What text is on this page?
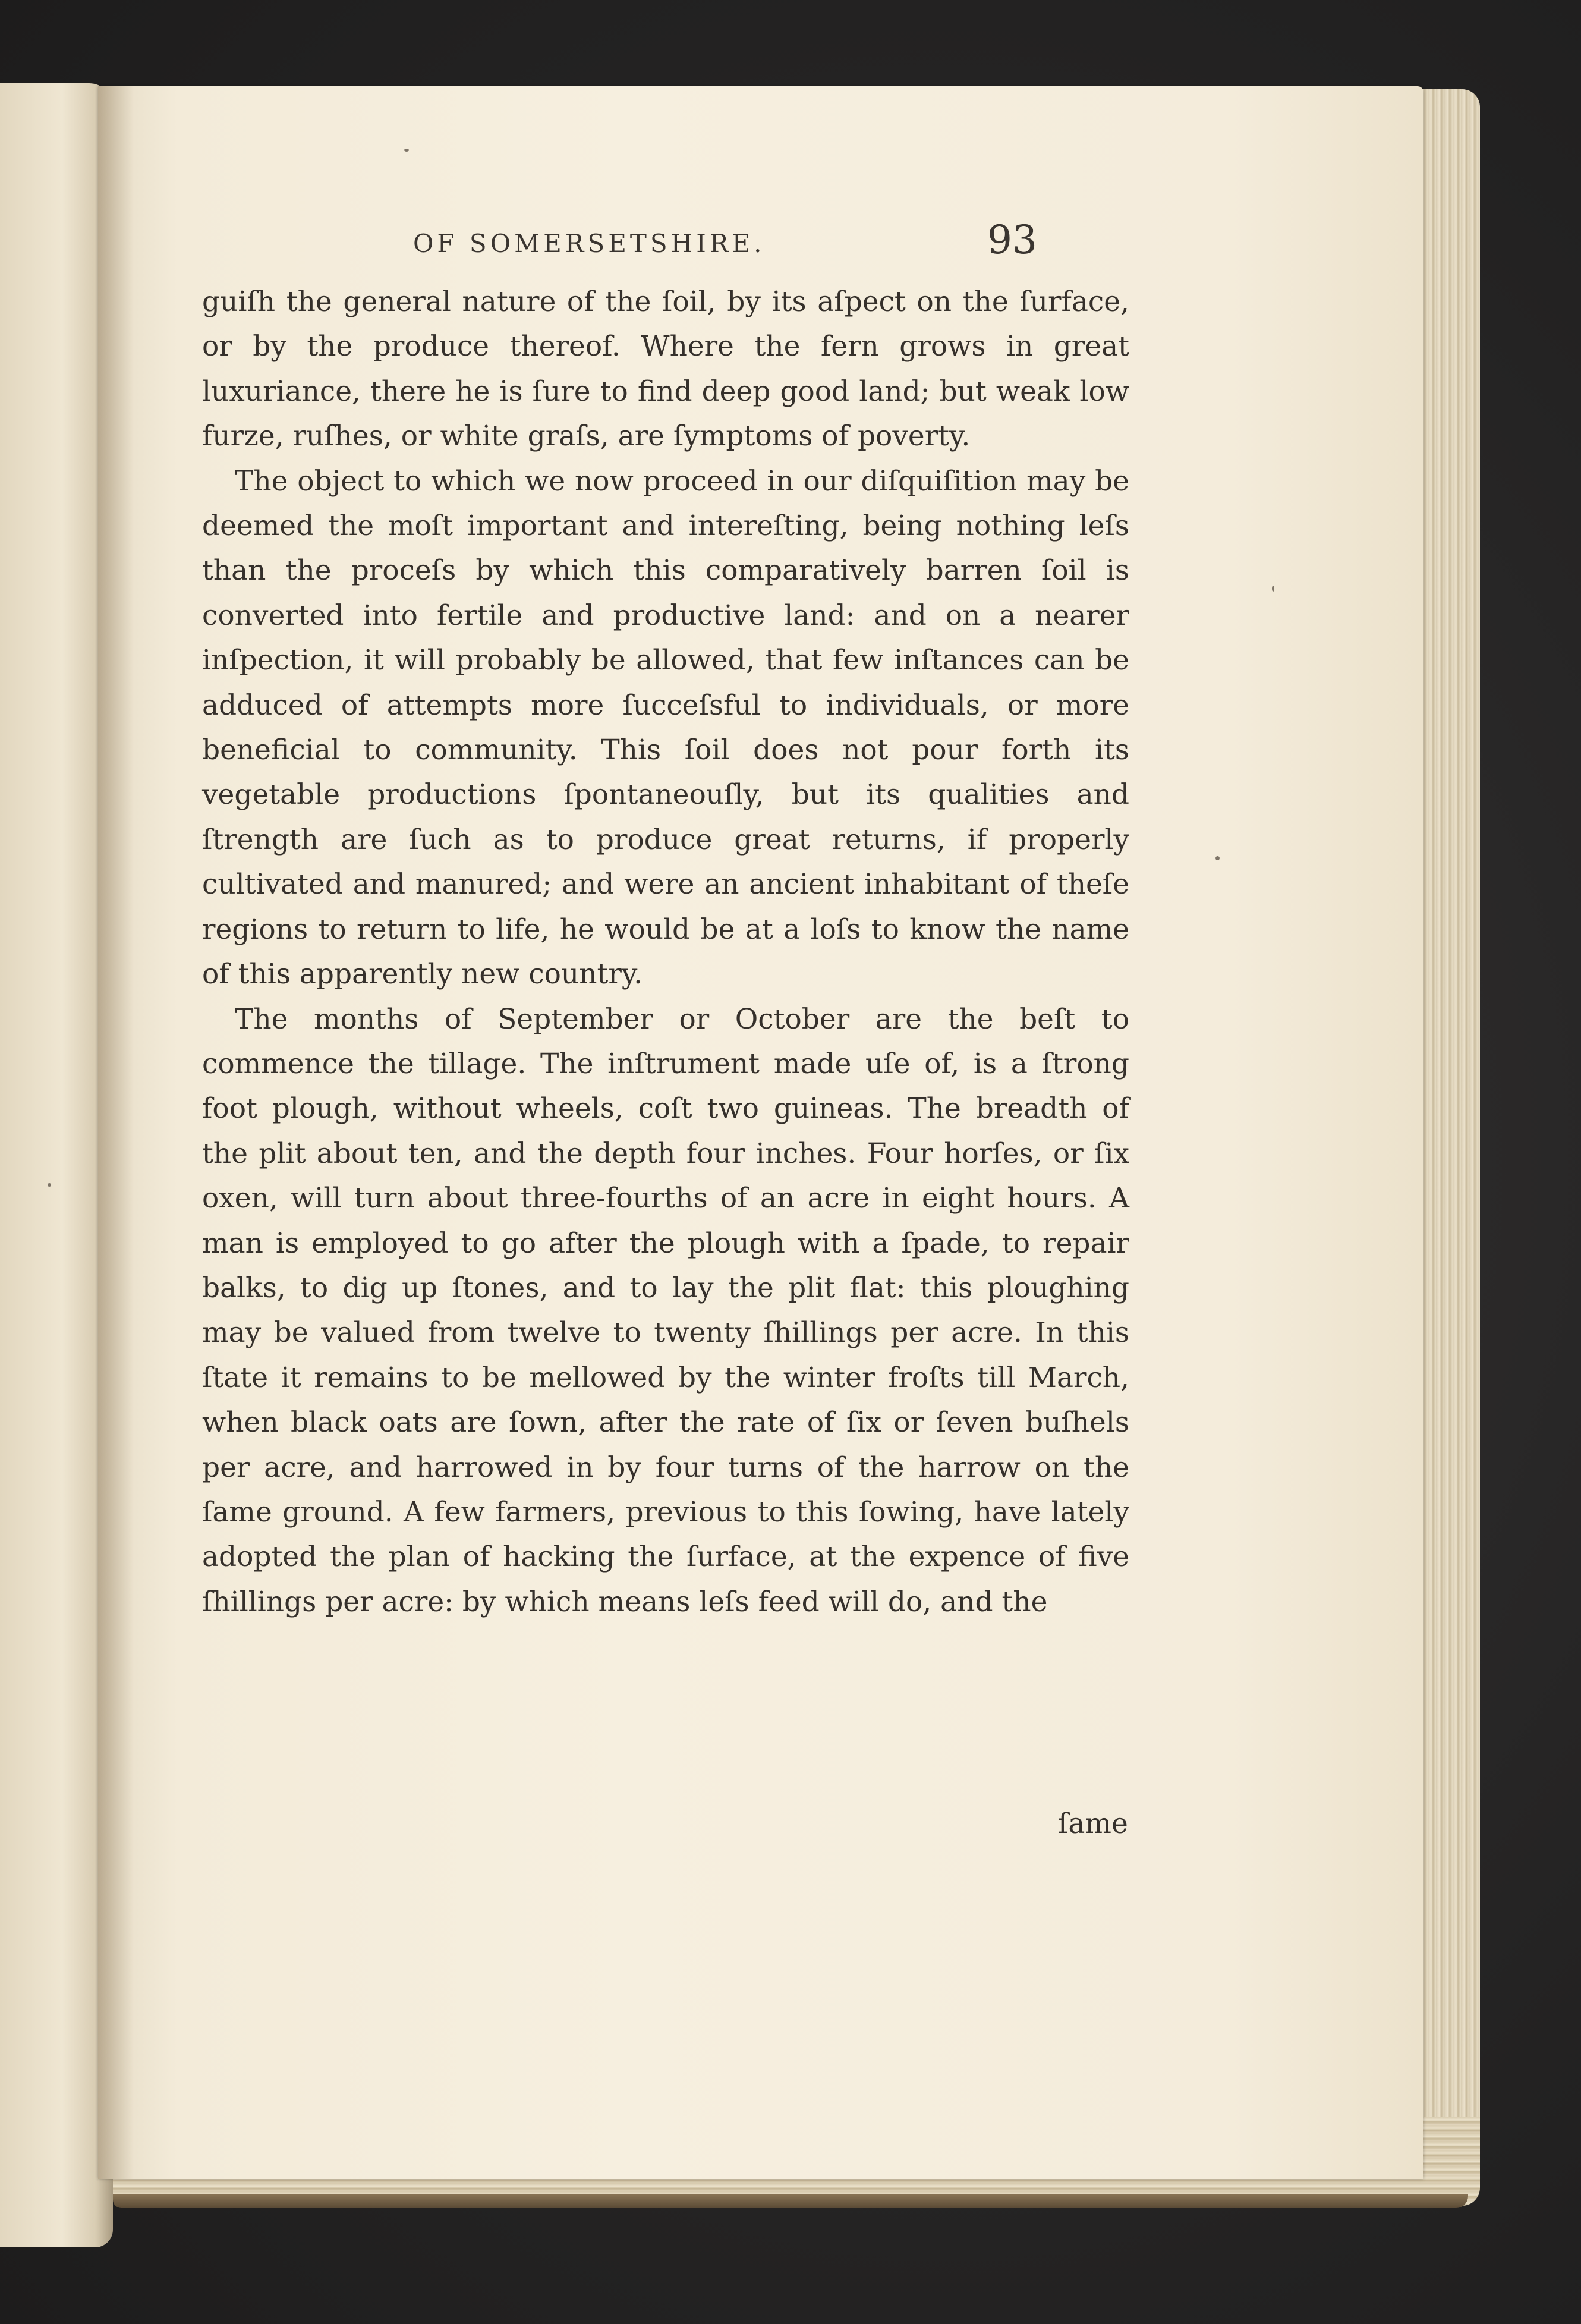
OF SOMERSETSHIRE.	93

guiſh the general nature of the ſoil, by its aſpect on the ſurface, or by the produce thereof. Where the fern grows in great luxuriance, there he is ſure to find deep good land; but weak low furze, ruſhes, or white graſs, are ſymptoms of poverty.

The object to which we now proceed in our diſquiſition may be deemed the moſt important and intereſting, being nothing leſs than the proceſs by which this comparatively barren ſoil is converted into fertile and productive land: and on a nearer inſpection, it will probably be allowed, that few inſtances can be adduced of attempts more ſucceſsful to individuals, or more beneficial to community. This ſoil does not pour forth its vegetable productions ſpontaneouſly, but its qualities and ſtrength are ſuch as to produce great returns, if properly cultivated and manured; and were an ancient inhabitant of theſe regions to return to life, he would be at a loſs to know the name of this apparently new country.

The months of September or October are the beſt to commence the tillage. The inſtrument made uſe of, is a ſtrong foot plough, without wheels, coſt two guineas. The breadth of the plit about ten, and the depth four inches. Four horſes, or ſix oxen, will turn about three-fourths of an acre in eight hours. A man is employed to go after the plough with a ſpade, to repair balks, to dig up ſtones, and to lay the plit flat: this ploughing may be valued from twelve to twenty ſhillings per acre. In this ſtate it remains to be mellowed by the winter froſts till March, when black oats are ſown, after the rate of ſix or ſeven buſhels per acre, and harrowed in by four turns of the harrow on the ſame ground. A few farmers, previous to this ſowing, have lately adopted the plan of hacking the ſurface, at the expence of five ſhillings per acre: by which means leſs feed will do, and the

ſame
